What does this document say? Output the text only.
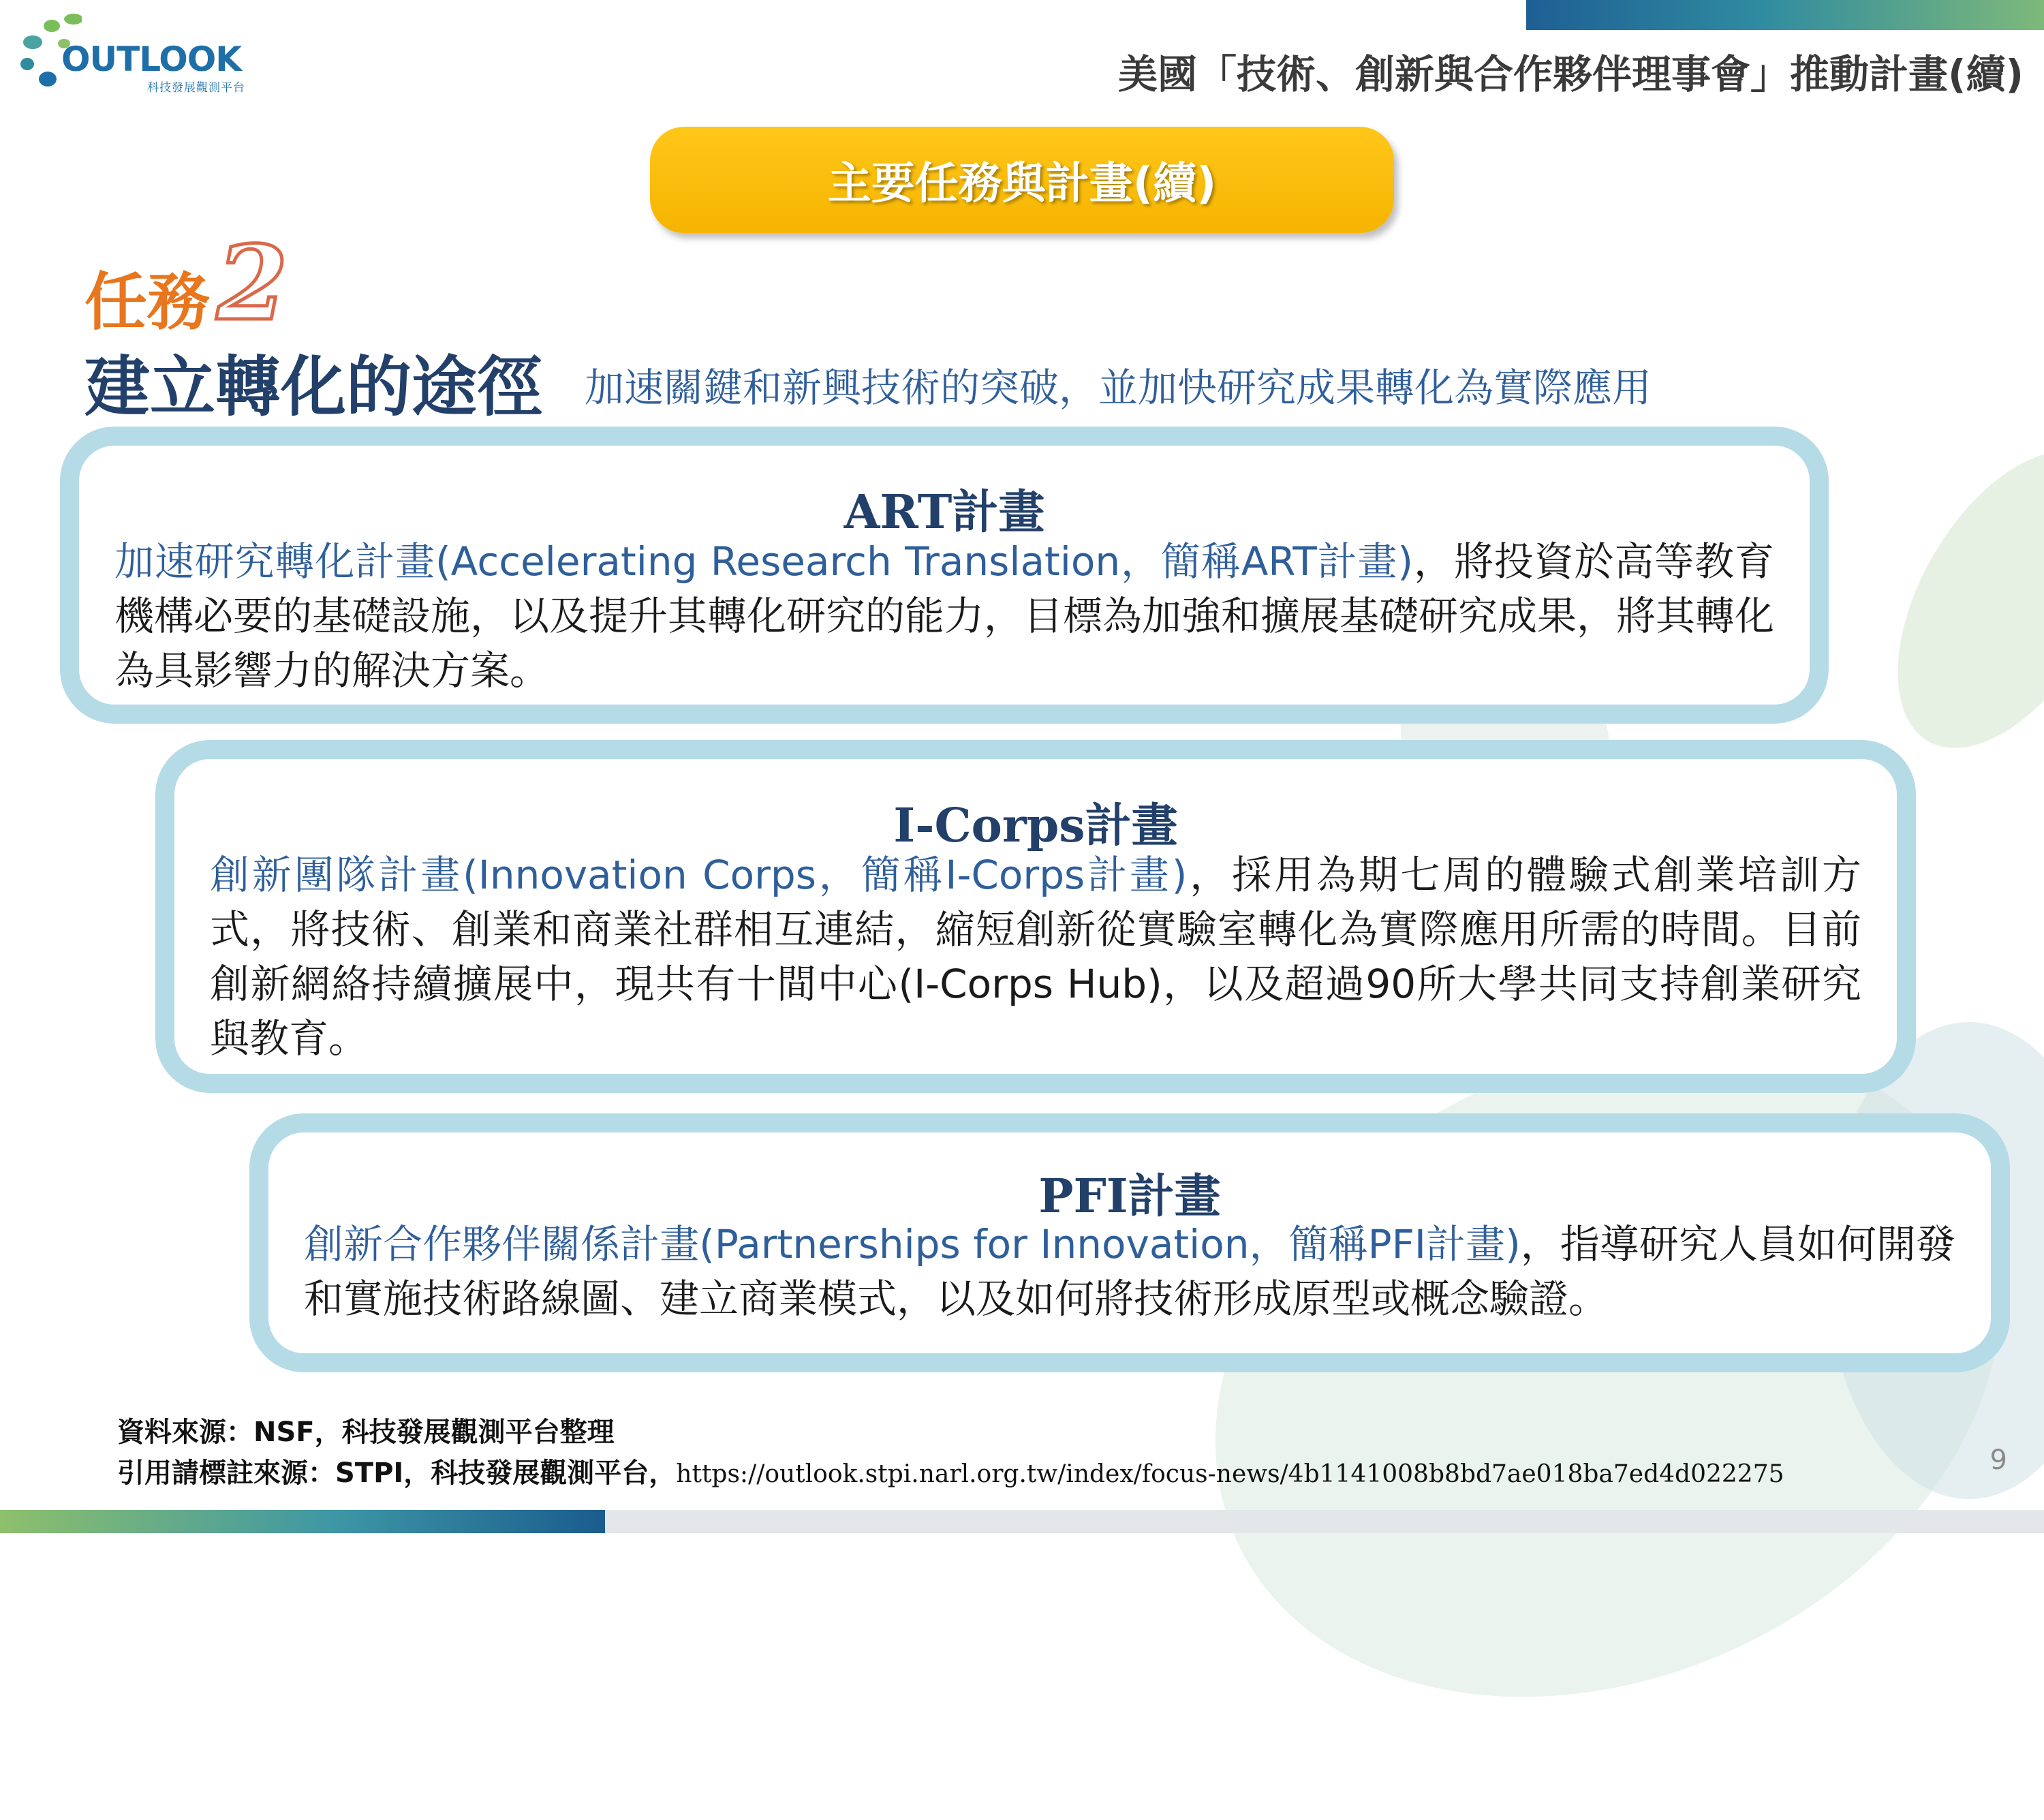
OUTLOOK
科技發展觀測平台	美國「技術、創新與合作夥伴理事會」推動計畫(續)
主要任務與計畫(續)
任務 2
建立轉化的途徑 加速關鍵和新興技術的突破，並加快研究成果轉化為實際應用
ART計畫
加速研究轉化計畫(Accelerating Research Translation，簡稱ART計畫)，將投資於高等教育機構必要的基礎設施，以及提升其轉化研究的能力，目標為加強和擴展基礎研究成果，將其轉化為具影響力的解決方案。
I-Corps計畫
創新團隊計畫(Innovation Corps，簡稱I-Corps計畫)，採用為期七周的體驗式創業培訓方式，將技術、創業和商業社群相互連結，縮短創新從實驗室轉化為實際應用所需的時間。目前創新網絡持續擴展中，現共有十間中心(I-Corps Hub)，以及超過90所大學共同支持創業研究與教育。
PFI計畫
創新合作夥伴關係計畫(Partnerships for Innovation，簡稱PFI計畫)，指導研究人員如何開發和實施技術路線圖、建立商業模式，以及如何將技術形成原型或概念驗證。
資料來源：NSF，科技發展觀測平台整理
引用請標註來源：STPI，科技發展觀測平台，https://outlook.stpi.narl.org.tw/index/focus-news/4b1141008b8bd7ae018ba7ed4d022275	9
